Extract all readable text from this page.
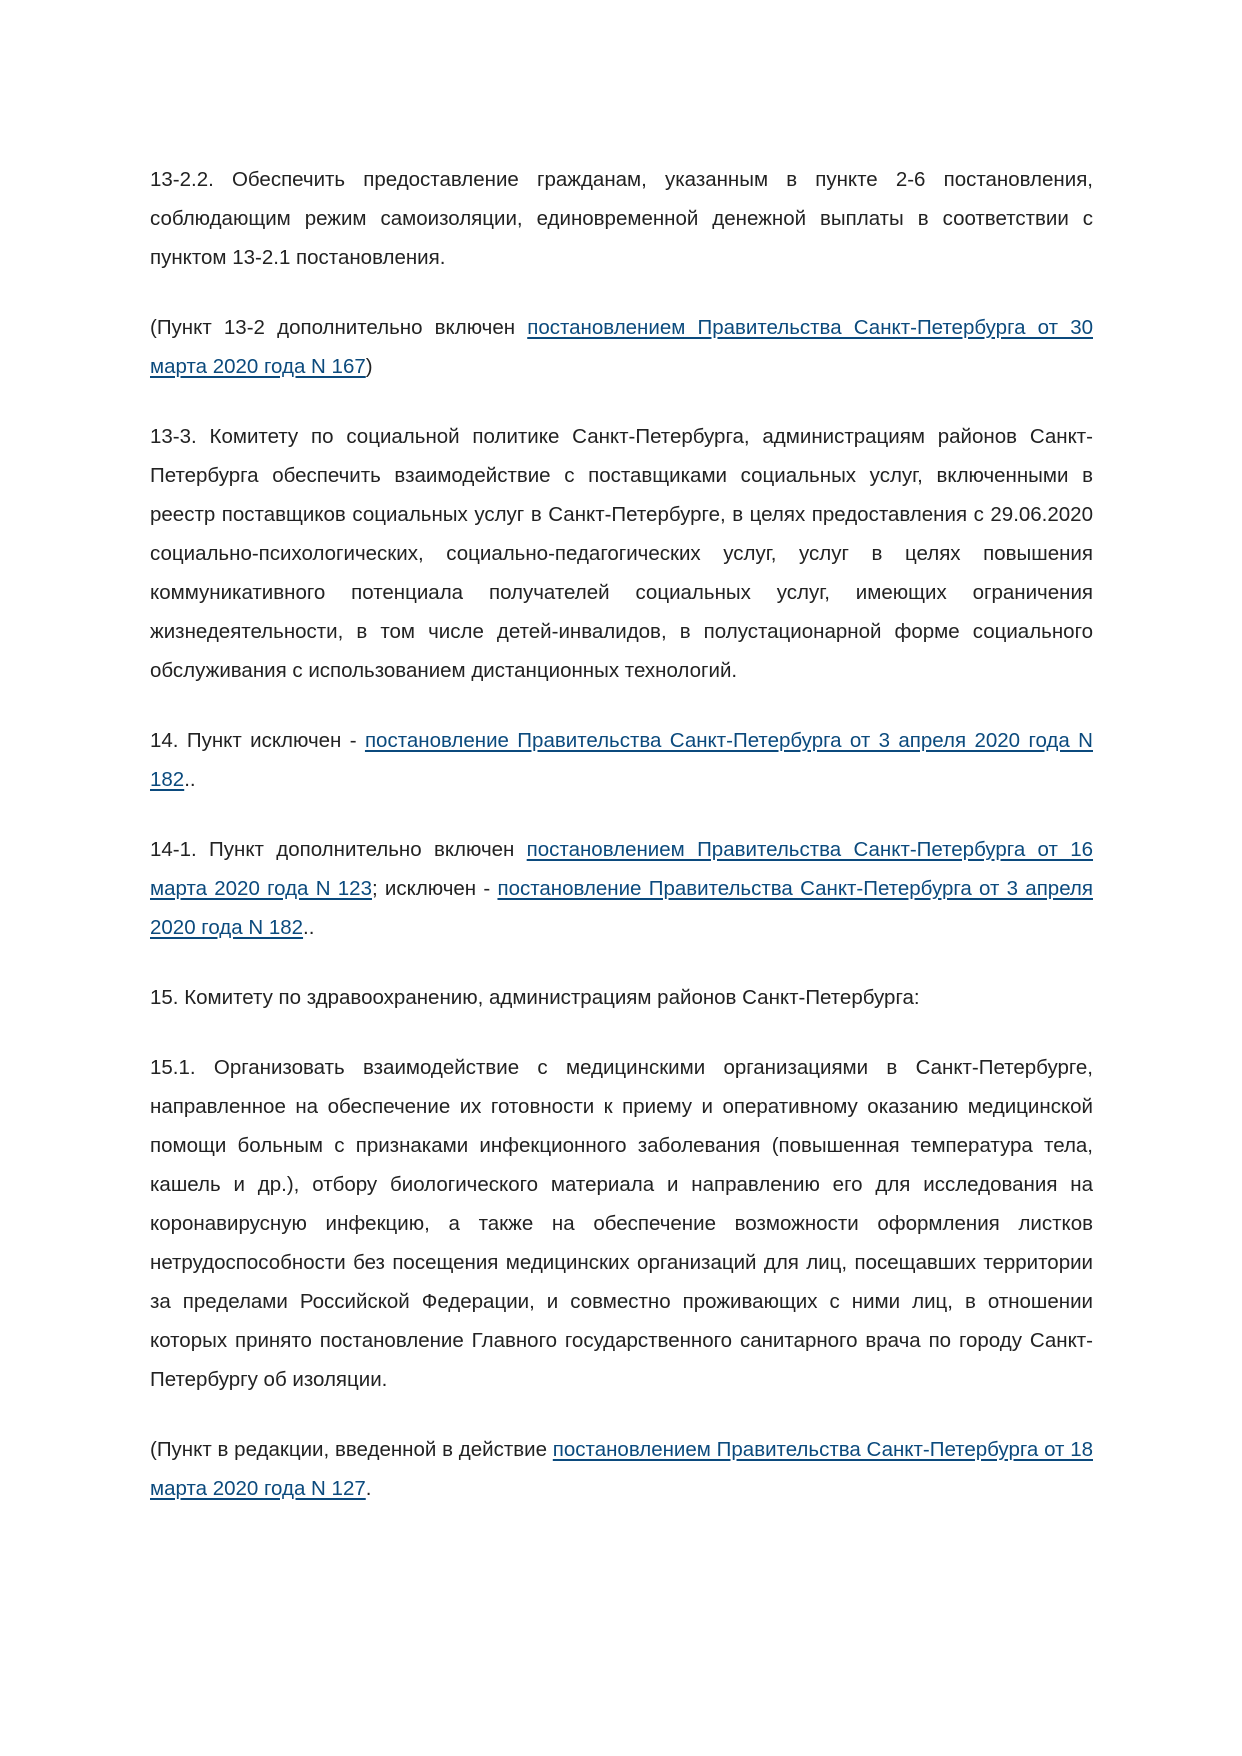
13-2.2. Обеспечить предоставление гражданам, указанным в пункте 2-6 постановления, соблюдающим режим самоизоляции, единовременной денежной выплаты в соответствии с пунктом 13-2.1 постановления.

(Пункт 13-2 дополнительно включен постановлением Правительства Санкт-Петербурга от 30 марта 2020 года N 167)

13-3. Комитету по социальной политике Санкт-Петербурга, администрациям районов Санкт-Петербурга обеспечить взаимодействие с поставщиками социальных услуг, включенными в реестр поставщиков социальных услуг в Санкт-Петербурге, в целях предоставления с 29.06.2020 социально-психологических, социально-педагогических услуг, услуг в целях повышения коммуникативного потенциала получателей социальных услуг, имеющих ограничения жизнедеятельности, в том числе детей-инвалидов, в полустационарной форме социального обслуживания с использованием дистанционных технологий.

14. Пункт исключен - постановление Правительства Санкт-Петербурга от 3 апреля 2020 года N 182..

14-1. Пункт дополнительно включен постановлением Правительства Санкт-Петербурга от 16 марта 2020 года N 123; исключен - постановление Правительства Санкт-Петербурга от 3 апреля 2020 года N 182..

15. Комитету по здравоохранению, администрациям районов Санкт-Петербурга:

15.1. Организовать взаимодействие с медицинскими организациями в Санкт-Петербурге, направленное на обеспечение их готовности к приему и оперативному оказанию медицинской помощи больным с признаками инфекционного заболевания (повышенная температура тела, кашель и др.), отбору биологического материала и направлению его для исследования на коронавирусную инфекцию, а также на обеспечение возможности оформления листков нетрудоспособности без посещения медицинских организаций для лиц, посещавших территории за пределами Российской Федерации, и совместно проживающих с ними лиц, в отношении которых принято постановление Главного государственного санитарного врача по городу Санкт-Петербургу об изоляции.

(Пункт в редакции, введенной в действие постановлением Правительства Санкт-Петербурга от 18 марта 2020 года N 127.
